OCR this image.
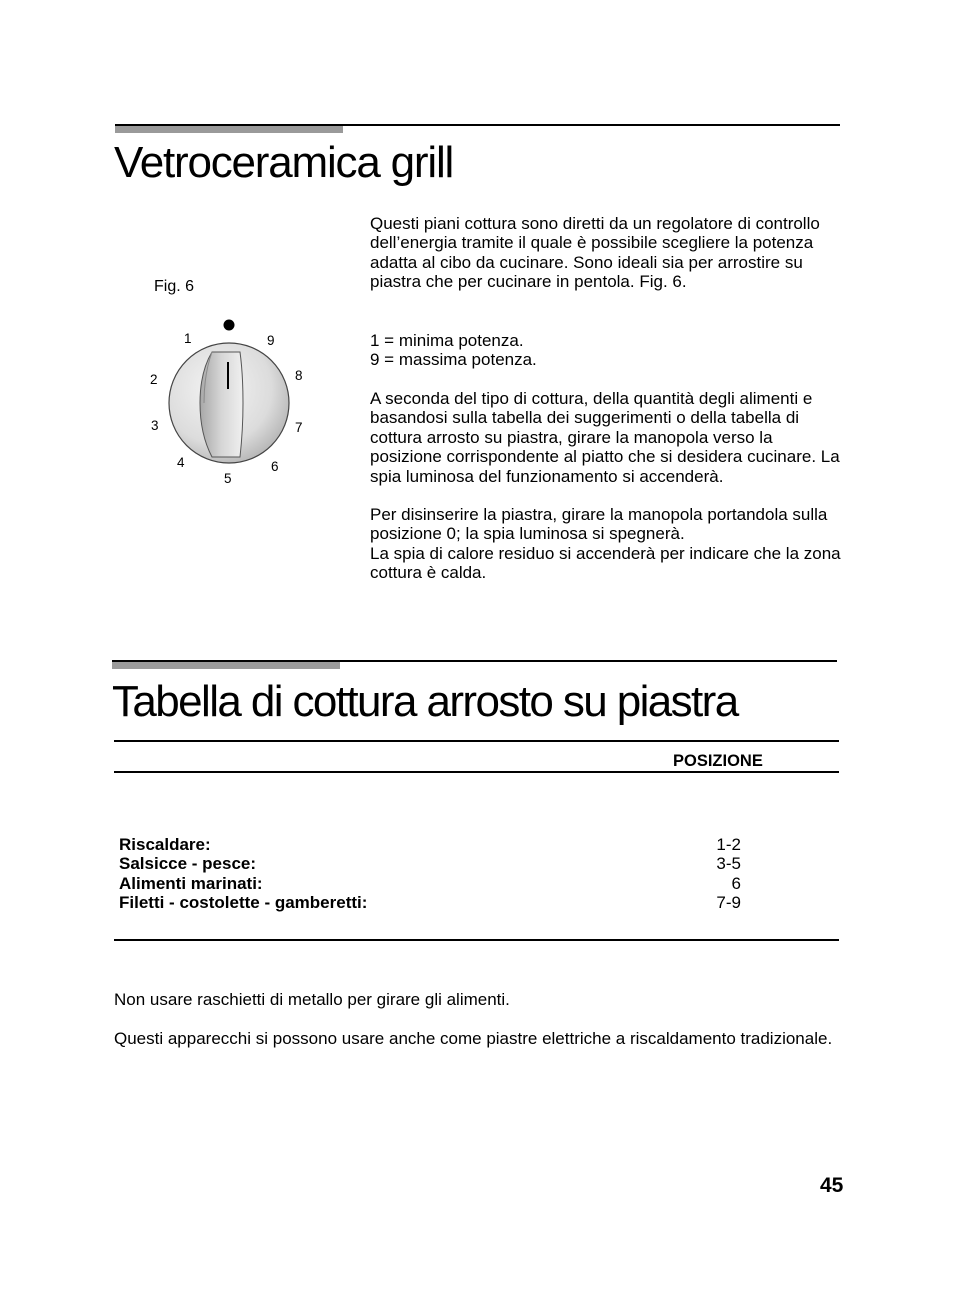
Vetroceramica grill
Fig. 6
1
2
3
4
5
6
7
8
9

Questi piani cottura sono diretti da un regolatore di controllo dell’energia tramite il quale è possibile scegliere la potenza adatta al cibo da cucinare. Sono ideali sia per arrostire su piastra che per cucinare in pentola. Fig. 6.

1 = minima potenza.

9 = massima potenza.

A seconda del tipo di cottura, della quantità degli alimenti e basandosi sulla tabella dei suggerimenti o della tabella di cottura arrosto su piastra, girare la manopola verso la posizione corrispondente al piatto che si desidera cucinare. La spia luminosa del funzionamento si accenderà.

Per disinserire la piastra, girare la manopola portandola sulla posizione 0; la spia luminosa si spegnerà.

La spia di calore residuo si accenderà per indicare che la zona cottura è calda.

Tabella di cottura arrosto su piastra
POSIZIONE
Riscaldare:	1-2
Salsicce - pesce:	3-5
Alimenti marinati:	6
Filetti - costolette - gamberetti:	7-9

Non usare raschietti di metallo per girare gli alimenti.

Questi apparecchi si possono usare anche come piastre elettriche a riscaldamento tradizionale.

45
